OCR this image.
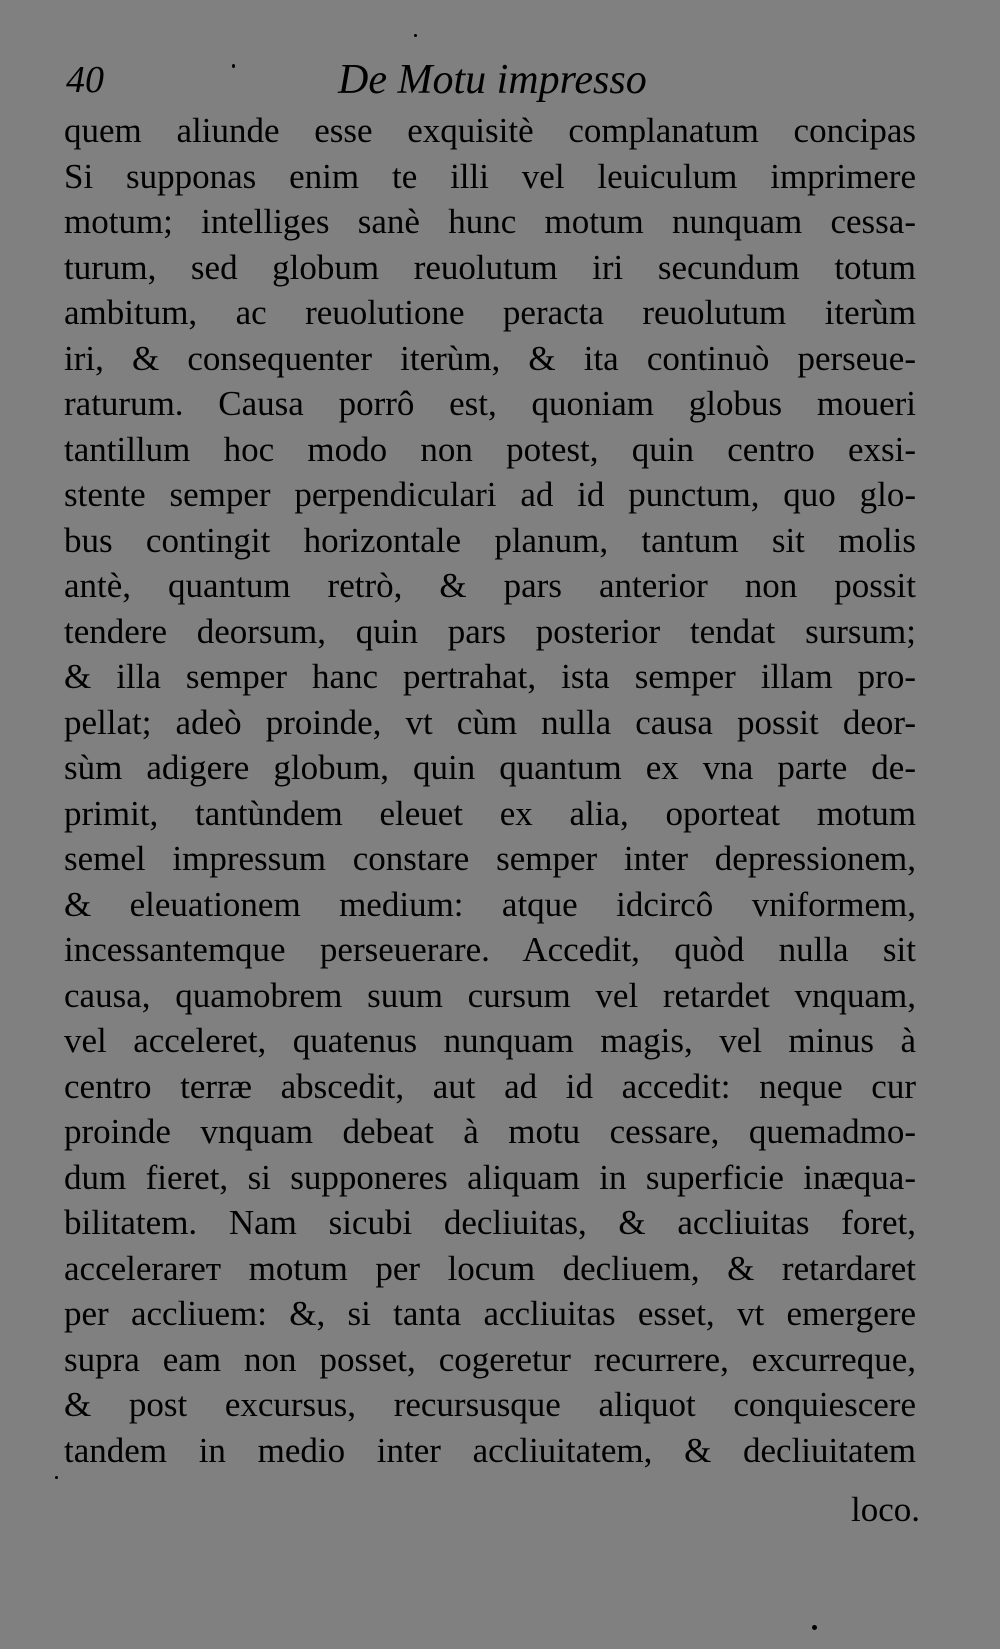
40	De Motu impresso
quem aliunde esse exquisitè complanatum concipas
Si supponas enim te illi vel leuiculum imprimere
motum; intelliges sanè hunc motum nunquam cessa-
turum, sed globum reuolutum iri secundum totum
ambitum, ac reuolutione peracta reuolutum iterùm
iri, & consequenter iterùm, & ita continuò perseue-
raturum. Causa porrô est, quoniam globus moueri
tantillum hoc modo non potest, quin centro exsi-
stente semper perpendiculari ad id punctum, quo glo-
bus contingit horizontale planum, tantum sit molis
antè, quantum retrò, & pars anterior non possit
tendere deorsum, quin pars posterior tendat sursum;
& illa semper hanc pertrahat, ista semper illam pro-
pellat; adeò proinde, vt cùm nulla causa possit deor-
sùm adigere globum, quin quantum ex vna parte de-
primit, tantùndem eleuet ex alia, oporteat motum
semel impressum constare semper inter depressionem,
& eleuationem medium: atque idcircô vniformem,
incessantemque perseuerare. Accedit, quòd nulla sit
causa, quamobrem suum cursum vel retardet vnquam,
vel acceleret, quatenus nunquam magis, vel minus à
centro terræ abscedit, aut ad id accedit: neque cur
proinde vnquam debeat à motu cessare, quemadmo-
dum fieret, si supponeres aliquam in superficie inæqua-
bilitatem. Nam sicubi decliuitas, & accliuitas foret,
accelerarет motum per locum decliuem, & retardaret
per accliuem: &, si tanta accliuitas esset, vt emergere
supra eam non posset, cogeretur recurrere, excurreque,
& post excursus, recursusque aliquot conquiescere
tandem in medio inter accliuitatem, & decliuitatem
loco.
